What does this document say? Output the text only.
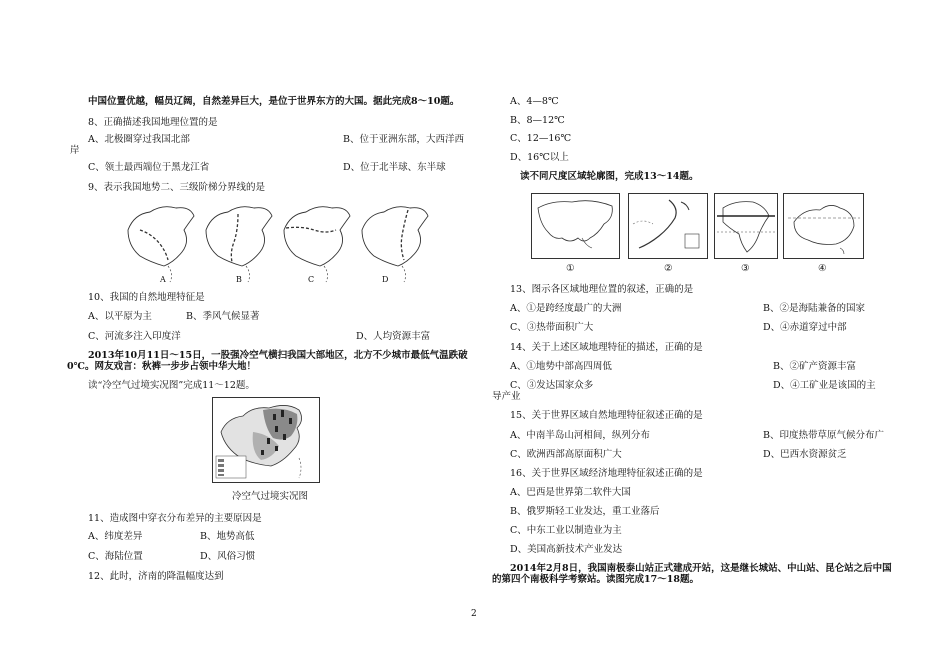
中国位置优越，幅员辽阔，自然差异巨大，是位于世界东方的大国。据此完成8～10题。
8、正确描述我国地理位置的是
A、北极圈穿过我国北部	B、位于亚洲东部，大西洋西
岸
C、领土最西端位于黑龙江省	D、位于北半球、东半球
9、表示我国地势二、三级阶梯分界线的是
A	B	C	D
10、我国的自然地理特征是
A、以平原为主	B、季风气候显著
C、河流多注入印度洋	D、人均资源丰富
2013年10月11日～15日，一股强冷空气横扫我国大部地区，北方不少城市最低气温跌破
0℃。网友戏言：秋裤一步步占领中华大地！
读“冷空气过境实况图”完成11～12题。
冷空气过境实况图
11、造成图中穿衣分布差异的主要原因是
A、纬度差异	B、地势高低
C、海陆位置	D、风俗习惯
12、此时，济南的降温幅度达到
A、4—8℃
B、8—12℃
C、12—16℃
D、16℃以上
读不同尺度区域轮廓图，完成13～14题。
①	②	③	④
13、图示各区域地理位置的叙述，正确的是
A、①是跨经度最广的大洲	B、②是海陆兼备的国家
C、③热带面积广大	D、④赤道穿过中部
14、关于上述区域地理特征的描述，正确的是
A、①地势中部高四周低	B、②矿产资源丰富
C、③发达国家众多	D、④工矿业是该国的主
导产业
15、关于世界区域自然地理特征叙述正确的是
A、中南半岛山河相间，纵列分布	B、印度热带草原气候分布广
C、欧洲西部高原面积广大	D、巴西水资源贫乏
16、关于世界区域经济地理特征叙述正确的是
A、巴西是世界第二软件大国
B、俄罗斯轻工业发达，重工业落后
C、中东工业以制造业为主
D、美国高新技术产业发达
2014年2月8日，我国南极泰山站正式建成开站，这是继长城站、中山站、昆仑站之后中国
的第四个南极科学考察站。读图完成17～18题。
2
